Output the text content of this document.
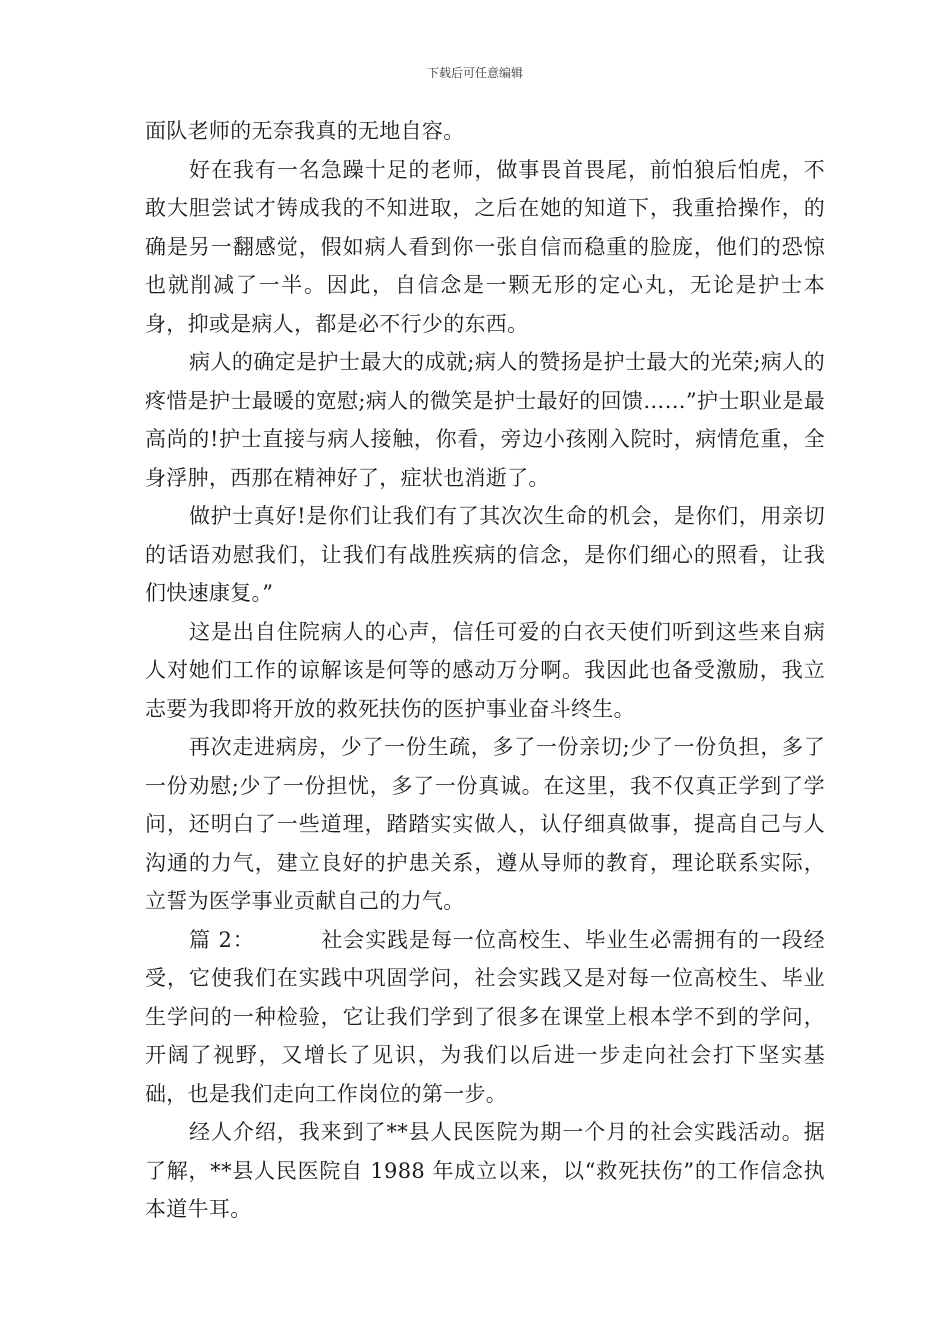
下载后可任意编辑

面队老师的无奈我真的无地自容。

好在我有一名急躁十足的老师，做事畏首畏尾，前怕狼后怕虎，不敢大胆尝试才铸成我的不知进取，之后在她的知道下，我重拾操作，的确是另一翻感觉，假如病人看到你一张自信而稳重的脸庞，他们的恐惊也就削减了一半。因此，自信念是一颗无形的定心丸，无论是护士本身，抑或是病人，都是必不行少的东西。

病人的确定是护士最大的成就;病人的赞扬是护士最大的光荣;病人的疼惜是护士最暖的宽慰;病人的微笑是护士最好的回馈……”护士职业是最高尚的!护士直接与病人接触，你看，旁边小孩刚入院时，病情危重，全身浮肿，西那在精神好了，症状也消逝了。

做护士真好!是你们让我们有了其次次生命的机会，是你们，用亲切的话语劝慰我们，让我们有战胜疾病的信念，是你们细心的照看，让我们快速康复。”

这是出自住院病人的心声，信任可爱的白衣天使们听到这些来自病人对她们工作的谅解该是何等的感动万分啊。我因此也备受激励，我立志要为我即将开放的救死扶伤的医护事业奋斗终生。

再次走进病房，少了一份生疏，多了一份亲切;少了一份负担，多了一份劝慰;少了一份担忧，多了一份真诚。在这里，我不仅真正学到了学问，还明白了一些道理，踏踏实实做人，认仔细真做事，提高自己与人沟通的力气，建立良好的护患关系，遵从导师的教育，理论联系实际，立誓为医学事业贡献自己的力气。

篇 2：	社会实践是每一位高校生、毕业生必需拥有的一段经受，它使我们在实践中巩固学问，社会实践又是对每一位高校生、毕业生学问的一种检验，它让我们学到了很多在课堂上根本学不到的学问，开阔了视野，又增长了见识，为我们以后进一步走向社会打下坚实基础，也是我们走向工作岗位的第一步。

经人介绍，我来到了**县人民医院为期一个月的社会实践活动。据了解，**县人民医院自 1988 年成立以来，以“救死扶伤”的工作信念执本道牛耳。
